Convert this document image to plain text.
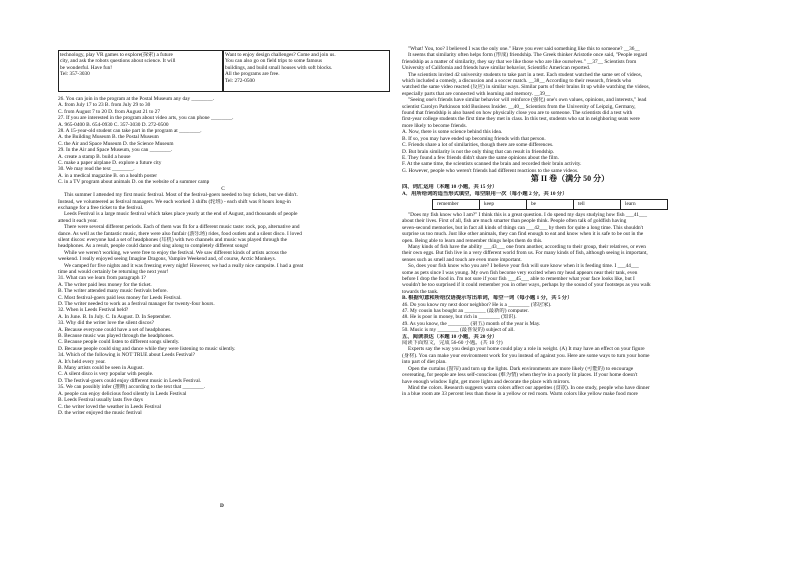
technology, play VR games to explore(探索) a future
city, and ask the robots questions about science. It will
be wonderful. Have fun!
Tel: 357-3030
Want to enjoy design challenges? Come and join us.
You can also go on field trips to some famous
buildings, and build small houses with soft blocks.
All the programs are free.
Tel: 272-0500
26. You can join in the program at the Postal Museum any day ________.
A. from July 17 to 23 B. from July 29 to 30
C. from August 7 to 20 D. from August 21 to 27
27. If you are interested in the program about video arts, you can phone ________.
A. 965-0400 B. 654-0930 C. 357-3030 D. 272-0500
28. A 15-year-old student can take part in the program at ________.
A. the Building Museum B. the Postal Museum
C. the Air and Space Museum D. the Science Museum
29. In the Air and Space Museum, you can ________.
A. create a stamp B. build a house
C. make a paper airplane D. explore a future city
30. We may read the text ________.
A. in a medical magazine B. on a health poster
C. in a TV program about animals D. on the website of a summer camp
C
This summer I attended my first music festival. Most of the festival-goers needed to buy tickets, but we didn't.
Instead, we volunteered as festival managers. We each worked 3 shifts (轮班) - each shift was 8 hours long-in
exchange for a free ticket to the festival.
Leeds Festival is a large music festival which takes place yearly at the end of August, and thousands of people
attend it each year.
There were several different periods. Each of them was fit for a different music taste: rock, pop, alternative and
dance. As well as the fantastic music, there were also funfair (游乐场) rides, food outlets and a silent disco. I loved
silent discos: everyone had a set of headphones (耳机) with two channels and music was played through the
headphones. As a result, people could dance and sing along to completely different songs!
While we weren't working, we were free to enjoy the festival. We saw different kinds of artists across the
weekend. I really enjoyed seeing Imagine Dragons, Vampire Weekend and, of course, Arctic Monkeys.
We camped for five nights and it was freezing every night! However, we had a really nice campsite. I had a great
time and would certainly be returning the next year!
31. What can we learn from paragraph 1?
A. The writer paid less money for the ticket.
B. The writer attended many music festivals before.
C. Most festival-goers paid less money for Leeds Festival.
D. The writer needed to work as a festival manager for twenty-four hours.
32. When is Leeds Festival held?
A. In June. B. In July. C. In August. D. In September.
33. Why did the writer love the silent discos?
A. Because everyone could have a set of headphones.
B. Because music was played through the headphones.
C. Because people could listen to different songs silently.
D. Because people could sing and dance while they were listening to music silently.
34. Which of the following is NOT TRUE about Leeds Festival?
A. It's held every year.
B. Many artists could be seen in August.
C. A silent disco is very popular with people.
D. The festival-goers could enjoy different music in Leeds Festival.
35. We can possibly infer (推断) according to the text that ________.
A. people can enjoy delicious food silently in Leeds Festival
B. Leeds Festival usually lasts five days
C. the writer loved the weather in Leeds Festival
D. the writer enjoyed the music festival
D
"What! You, too? I believed I was the only one." Have you ever said something like this to someone? __36__
It seems that similarity often helps form (形成) friendship. The Greek thinker Aristotle once said, "People regard
friendship as a matter of similarity, they say that we like those who are like ourselves." __37__ Scientists from
University of California and friends have similar behavior, Scientific American reported.
The scientists invited 42 university students to take part in a test. Each student watched the same set of videos,
which included a comedy, a discussion and a soccer match. __38__ According to their research, friends who
watched the same video reacted (反应) in similar ways. Similar parts of their brains lit up while watching the videos,
especially parts that are connected with learning and memory. __39__
"Seeing one's friends have similar behavior will reinforce (强化) one's own values, opinions, and interests," lead
scientist Carolyn Parkinson told Business Insider. __40__ Scientists from the University of Leipzig, Germany,
found that friendship is also based on how physically close you are to someone. The scientists did a test with
first-year college students the first time they met in class. In this test, students who sat in neighboring seats were
more likely to become friends.
A. Now, there is some science behind this idea.
B. If so, you may have ended up becoming friends with that person.
C. Friends share a lot of similarities, though there are some differences.
D. But brain similarity is not the only thing that can result in friendship.
E. They found a few friends didn't share the same opinions about the film.
F. At the same time, the scientists scanned the brain and recorded their brain activity.
G. However, people who weren't friends had different reactions to the same videos.
第 II 卷（满分 50 分）
四、词汇运用（本题 10 小题，共 15 分）
A．用所给词的适当形式填空，每空限用一次（每小题 2 分，共 10 分）
remember	keep	be	tell	learn
"Does my fish know who I am?" I think this is a great question. I do spend my days studying how fish ___41___
about their lives. First of all, fish are much smarter than people think. People often talk of goldfish having
seven-second memories, but in fact all kinds of things can ___42___ by them for quite a long time. This shouldn't
surprise us too much. Just like other animals, they can find enough to eat and know when it is safe to be out in the
open. Being able to learn and remember things helps them do this.
Many kinds of fish have the ability ___43___ one from another, according to their group, their relatives, or even
their own eggs. But fish live in a very different world from us. For many kinds of fish, although seeing is important,
senses such as smell and touch are even more important.
So, does your fish know who you are? I believe your fish will sure know when it is feeding time. I ___44___
some as pets since I was young. My own fish become very excited when my head appears near their tank, even
before I drop the food in. I'm not sure if your fish ___45___ able to remember what your face looks like, but I
wouldn't be too surprised if it could remember you in other ways, perhaps by the sound of your footsteps as you walk
towards the tank.
B. 根据句意和所给汉语提示写出单词，每空一词（每小题 1 分，共 5 分）
46. Do you know my next door neighbor? He is a ________ (邻居家).
47. My cousin has bought an ________ (最新的) computer.
48. He is poor in money, but rich in ________ (知识).
49. As you know, the ________ (第五) month of the year is May.
50. Music is my ________ (最喜爱的) subject of all.
五、阅读表达（本题 10 小题，共 20 分）
阅读下面短文，完成 56-60 小题。(共 10 分)
Experts say the way you design your home could play a role in weight. (A) It may have an effect on your figure
(身材). You can make your environment work for you instead of against you. Here are some ways to turn your home
into part of diet plan.
Open the curtains (窗帘) and turn up the lights. Dark environments are more likely (可能的) to encourage
overeating, for people are less self-conscious (难为情) when they're in a poorly lit places. If your home doesn't
have enough window light, get more lights and decorate the place with mirrors.
Mind the colors. Research suggests warm colors affect our appetites (食欲). In one study, people who have dinner
in a blue room ate 33 percent less than those in a yellow or red room. Warm colors like yellow make food more
